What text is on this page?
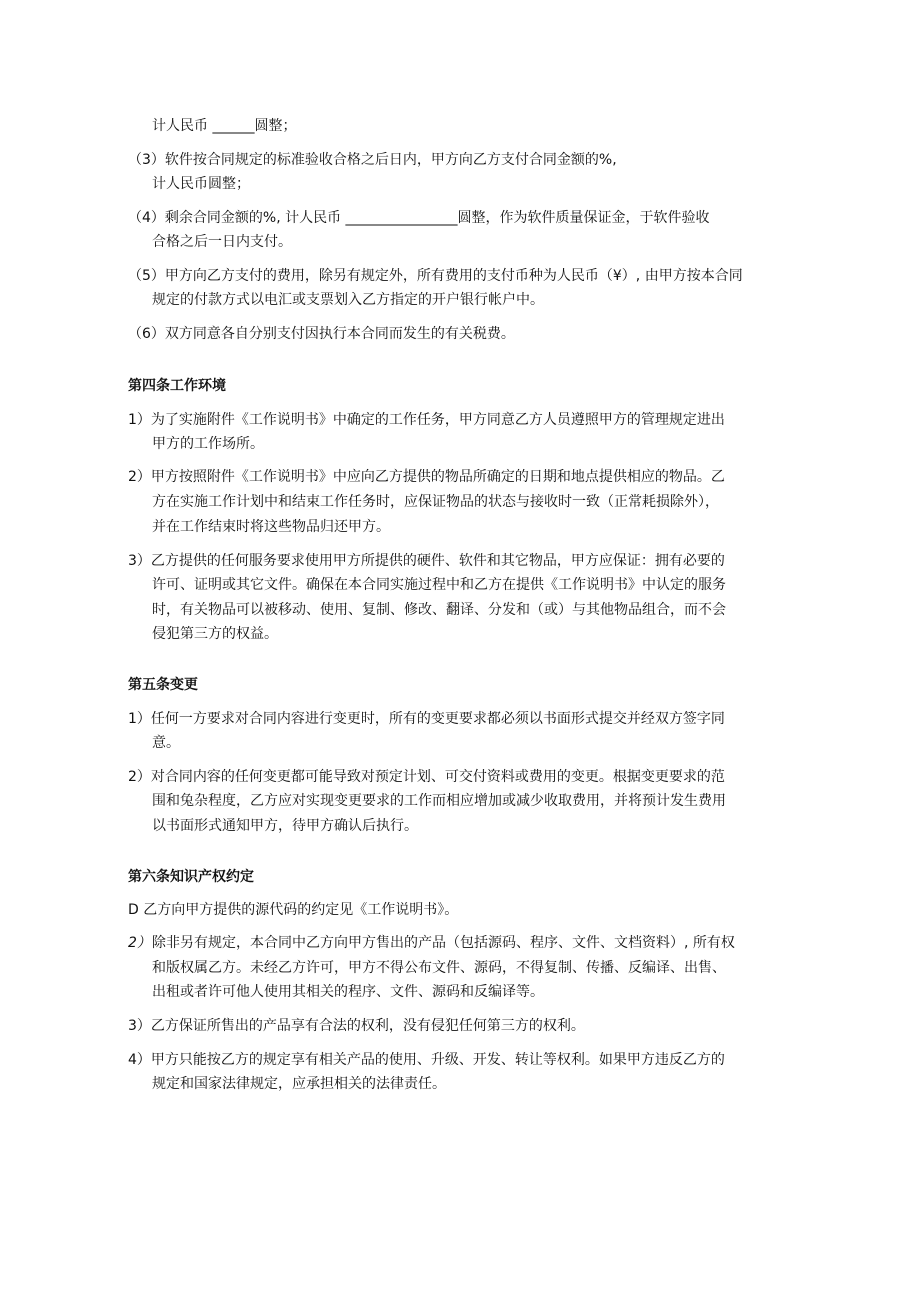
计人民币 ______圆整；
（3）软件按合同规定的标准验收合格之后日内，甲方向乙方支付合同金额的%,
计人民币圆整；
（4）剩余合同金额的%, 计人民币 ________________圆整，作为软件质量保证金，于软件验收
合格之后一日内支付。
（5）甲方向乙方支付的费用，除另有规定外，所有费用的支付币种为人民币（¥）, 由甲方按本合同
规定的付款方式以电汇或支票划入乙方指定的开户银行帐户中。
（6）双方同意各自分别支付因执行本合同而发生的有关税费。
第四条工作环境
1）为了实施附件《工作说明书》中确定的工作任务，甲方同意乙方人员遵照甲方的管理规定进出
甲方的工作场所。
2）甲方按照附件《工作说明书》中应向乙方提供的物品所确定的日期和地点提供相应的物品。乙
方在实施工作计划中和结束工作任务时，应保证物品的状态与接收时一致（正常耗损除外），
并在工作结束时将这些物品归还甲方。
3）乙方提供的任何服务要求使用甲方所提供的硬件、软件和其它物品，甲方应保证：拥有必要的
许可、证明或其它文件。确保在本合同实施过程中和乙方在提供《工作说明书》中认定的服务
时，有关物品可以被移动、使用、复制、修改、翻译、分发和（或）与其他物品组合，而不会
侵犯第三方的权益。
第五条变更
1）任何一方要求对合同内容进行变更时，所有的变更要求都必须以书面形式提交并经双方签字同
意。
2）对合同内容的任何变更都可能导致对预定计划、可交付资料或费用的变更。根据变更要求的范
围和兔杂程度，乙方应对实现变更要求的工作而相应增加或减少收取费用，并将预计发生费用
以书面形式通知甲方，待甲方确认后执行。
第六条知识产权约定
D 乙方向甲方提供的源代码的约定见《工作说明书》。
2） 除非另有规定，本合同中乙方向甲方售出的产品（包括源码、程序、文件、文档资料）, 所有权
和版权属乙方。未经乙方许可，甲方不得公布文件、源码，不得复制、传播、反编译、出售、
出租或者许可他人使用其相关的程序、文件、源码和反编译等。
3）乙方保证所售出的产品享有合法的权利，没有侵犯任何第三方的权利。
4）甲方只能按乙方的规定享有相关产品的使用、升级、开发、转让等权利。如果甲方违反乙方的
规定和国家法律规定，应承担相关的法律责任。
